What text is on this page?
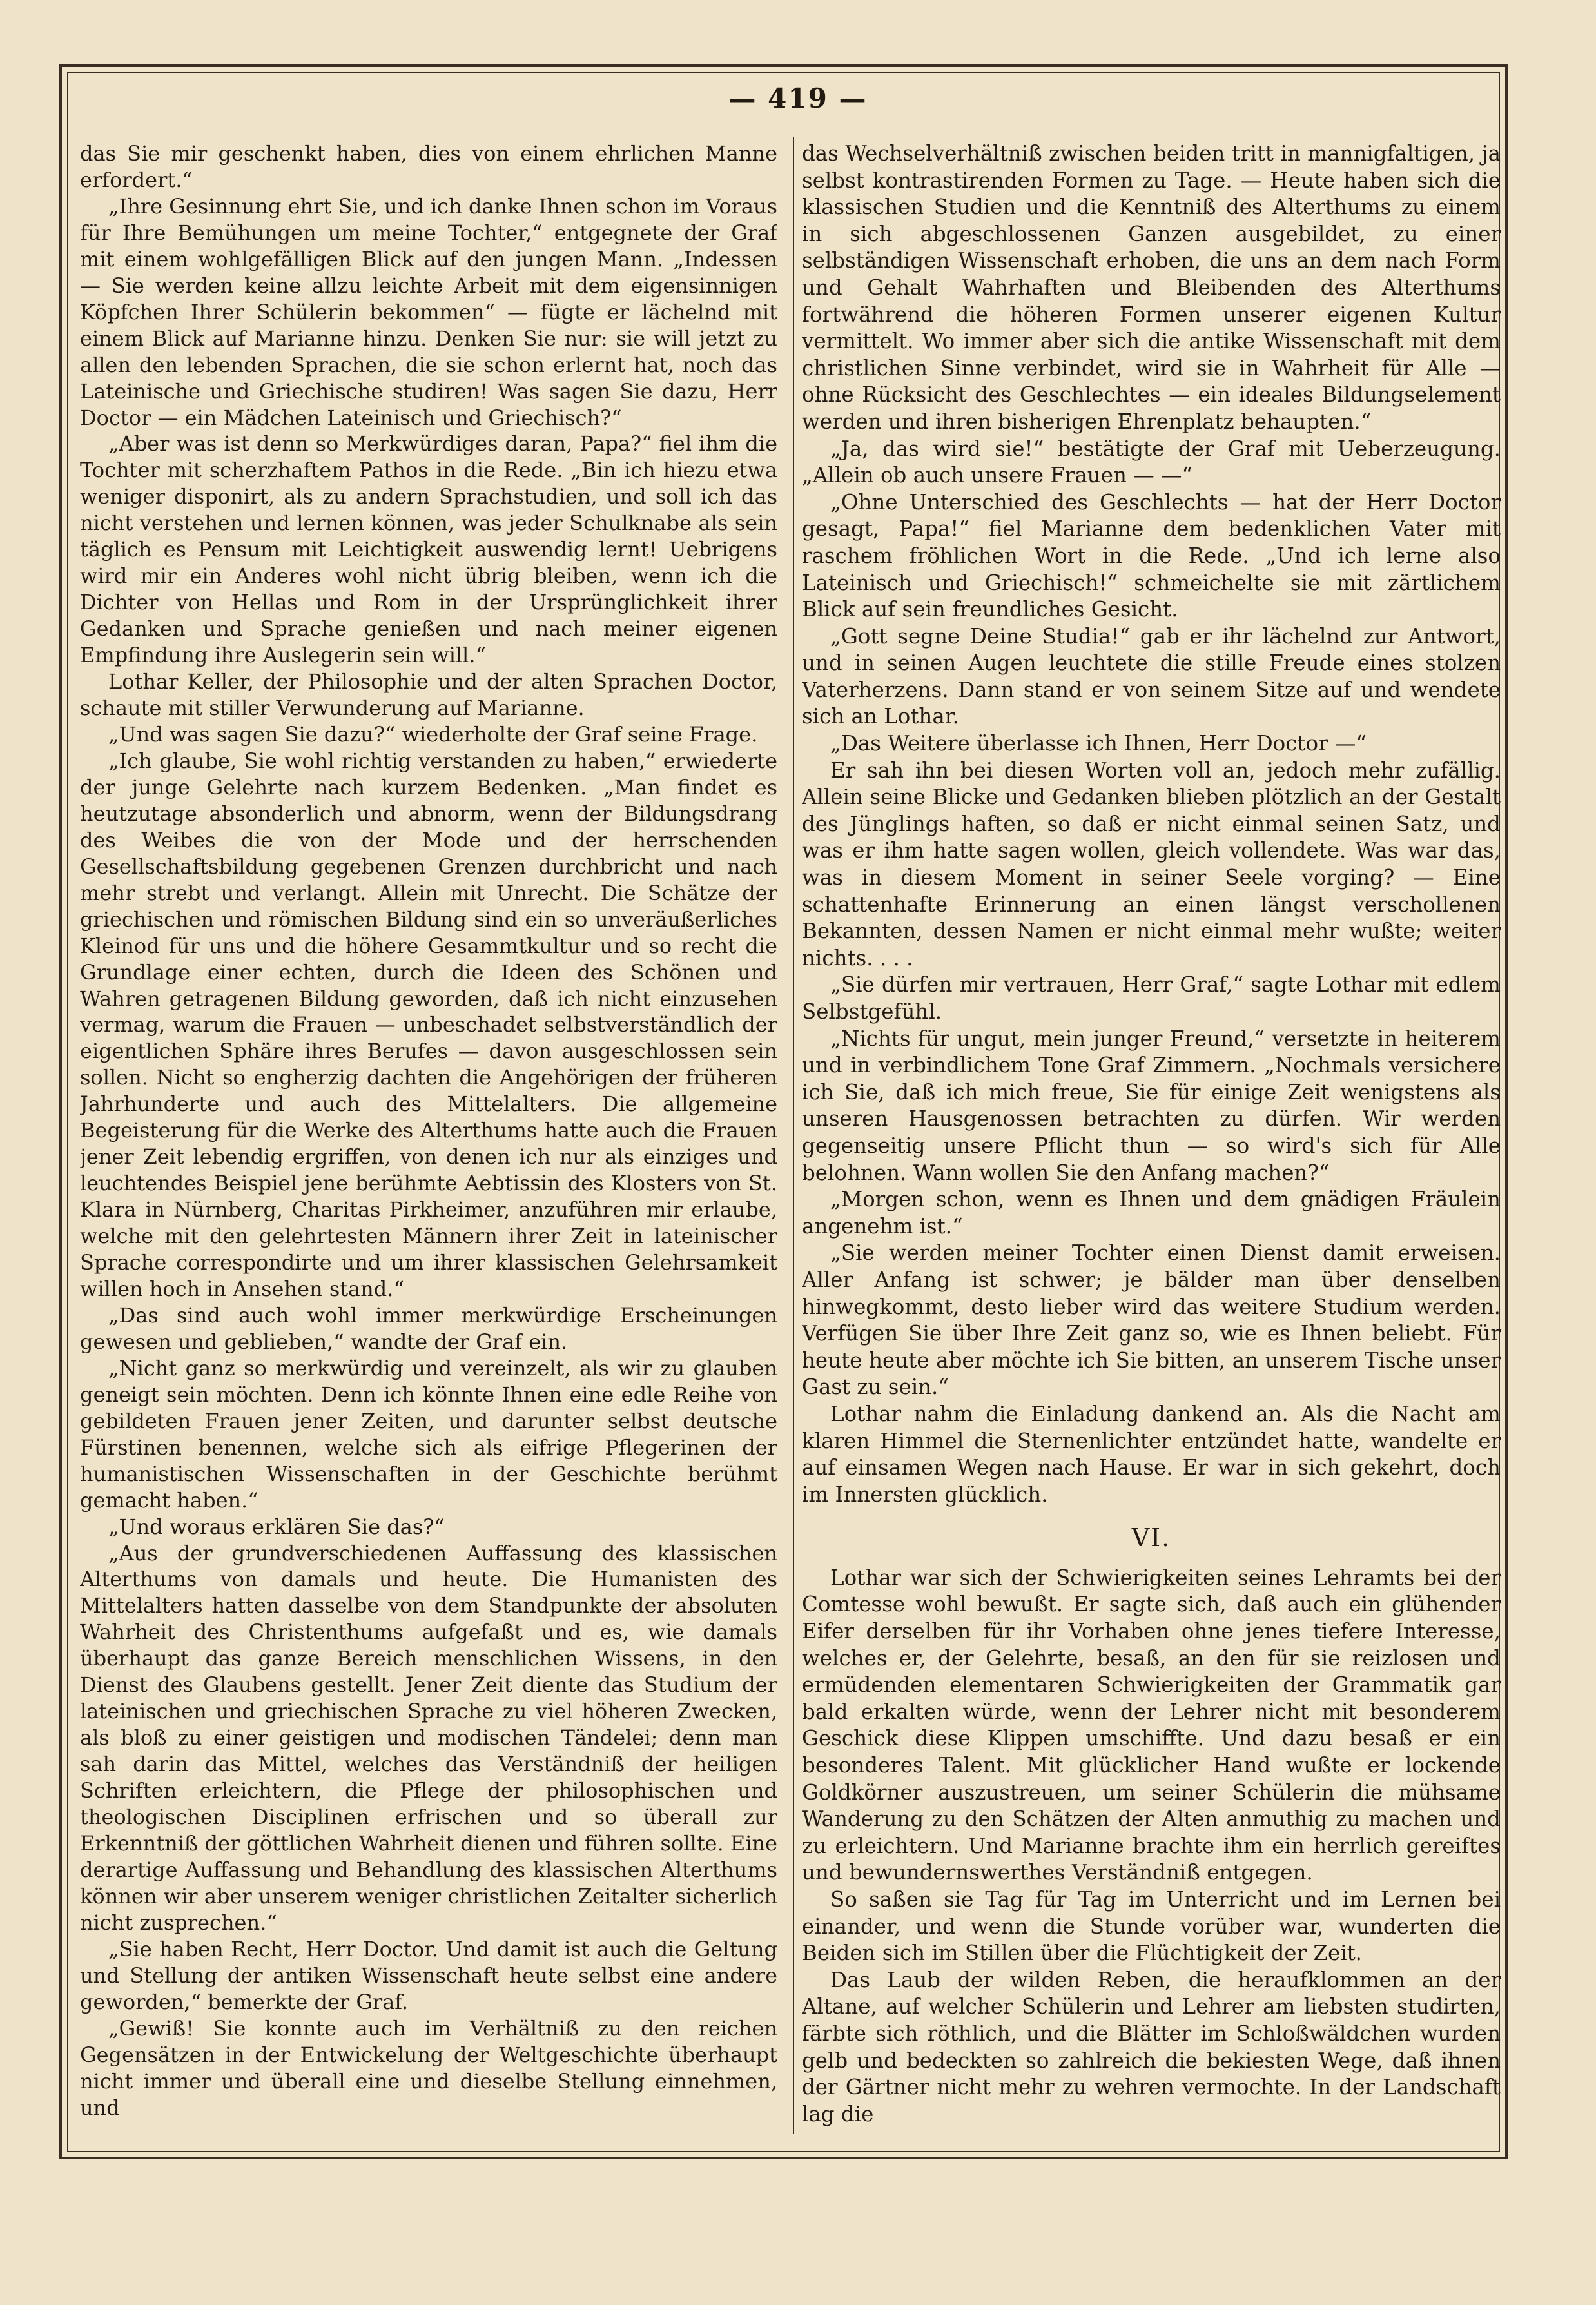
— 419 —

das Sie mir geschenkt haben, dies von einem ehrlichen Manne erfordert.“

„Ihre Gesinnung ehrt Sie, und ich danke Ihnen schon im Voraus für Ihre Bemühungen um meine Tochter,“ entgegnete der Graf mit einem wohlgefälligen Blick auf den jungen Mann. „Indessen — Sie werden keine allzu leichte Arbeit mit dem eigensinnigen Köpfchen Ihrer Schülerin bekommen“ — fügte er lächelnd mit einem Blick auf Marianne hinzu. Denken Sie nur: sie will jetzt zu allen den lebenden Sprachen, die sie schon erlernt hat, noch das Lateinische und Griechische studiren! Was sagen Sie dazu, Herr Doctor — ein Mädchen Lateinisch und Griechisch?“

„Aber was ist denn so Merkwürdiges daran, Papa?“ fiel ihm die Tochter mit scherzhaftem Pathos in die Rede. „Bin ich hiezu etwa weniger disponirt, als zu andern Sprachstudien, und soll ich das nicht verstehen und lernen können, was jeder Schulknabe als sein täglich es Pensum mit Leichtigkeit auswendig lernt! Uebrigens wird mir ein Anderes wohl nicht übrig bleiben, wenn ich die Dichter von Hellas und Rom in der Ursprünglichkeit ihrer Gedanken und Sprache genießen und nach meiner eigenen Empfindung ihre Auslegerin sein will.“

Lothar Keller, der Philosophie und der alten Sprachen Doctor, schaute mit stiller Verwunderung auf Marianne.

„Und was sagen Sie dazu?“ wiederholte der Graf seine Frage.

„Ich glaube, Sie wohl richtig verstanden zu haben,“ erwiederte der junge Gelehrte nach kurzem Bedenken. „Man findet es heutzutage absonderlich und abnorm, wenn der Bildungsdrang des Weibes die von der Mode und der herrschenden Gesellschaftsbildung gegebenen Grenzen durchbricht und nach mehr strebt und verlangt. Allein mit Unrecht. Die Schätze der griechischen und römischen Bildung sind ein so unveräußerliches Kleinod für uns und die höhere Gesammtkultur und so recht die Grundlage einer echten, durch die Ideen des Schönen und Wahren getragenen Bildung geworden, daß ich nicht einzusehen vermag, warum die Frauen — unbeschadet selbstverständlich der eigentlichen Sphäre ihres Berufes — davon ausgeschlossen sein sollen. Nicht so engherzig dachten die Angehörigen der früheren Jahrhunderte und auch des Mittelalters. Die allgemeine Begeisterung für die Werke des Alterthums hatte auch die Frauen jener Zeit lebendig ergriffen, von denen ich nur als einziges und leuchtendes Beispiel jene berühmte Aebtissin des Klosters von St. Klara in Nürnberg, Charitas Pirkheimer, anzuführen mir erlaube, welche mit den gelehrtesten Männern ihrer Zeit in lateinischer Sprache correspondirte und um ihrer klassischen Gelehrsamkeit willen hoch in Ansehen stand.“

„Das sind auch wohl immer merkwürdige Erscheinungen gewesen und geblieben,“ wandte der Graf ein.

„Nicht ganz so merkwürdig und vereinzelt, als wir zu glauben geneigt sein möchten. Denn ich könnte Ihnen eine edle Reihe von gebildeten Frauen jener Zeiten, und darunter selbst deutsche Fürstinen benennen, welche sich als eifrige Pflegerinen der humanistischen Wissenschaften in der Geschichte berühmt gemacht haben.“

„Und woraus erklären Sie das?“

„Aus der grundverschiedenen Auffassung des klassischen Alterthums von damals und heute. Die Humanisten des Mittelalters hatten dasselbe von dem Standpunkte der absoluten Wahrheit des Christenthums aufgefaßt und es, wie damals überhaupt das ganze Bereich menschlichen Wissens, in den Dienst des Glaubens gestellt. Jener Zeit diente das Studium der lateinischen und griechischen Sprache zu viel höheren Zwecken, als bloß zu einer geistigen und modischen Tändelei; denn man sah darin das Mittel, welches das Verständniß der heiligen Schriften erleichtern, die Pflege der philosophischen und theologischen Disciplinen erfrischen und so überall zur Erkenntniß der göttlichen Wahrheit dienen und führen sollte. Eine derartige Auffassung und Behandlung des klassischen Alterthums können wir aber unserem weniger christlichen Zeitalter sicherlich nicht zusprechen.“

„Sie haben Recht, Herr Doctor. Und damit ist auch die Geltung und Stellung der antiken Wissenschaft heute selbst eine andere geworden,“ bemerkte der Graf.

„Gewiß! Sie konnte auch im Verhältniß zu den reichen Gegensätzen in der Entwickelung der Weltgeschichte überhaupt nicht immer und überall eine und dieselbe Stellung einnehmen, und

das Wechselverhältniß zwischen beiden tritt in mannigfaltigen, ja selbst kontrastirenden Formen zu Tage. — Heute haben sich die klassischen Studien und die Kenntniß des Alterthums zu einem in sich abgeschlossenen Ganzen ausgebildet, zu einer selbständigen Wissenschaft erhoben, die uns an dem nach Form und Gehalt Wahrhaften und Bleibenden des Alterthums fortwährend die höheren Formen unserer eigenen Kultur vermittelt. Wo immer aber sich die antike Wissenschaft mit dem christlichen Sinne verbindet, wird sie in Wahrheit für Alle — ohne Rücksicht des Geschlechtes — ein ideales Bildungselement werden und ihren bisherigen Ehrenplatz behaupten.“

„Ja, das wird sie!“ bestätigte der Graf mit Ueberzeugung. „Allein ob auch unsere Frauen — —“

„Ohne Unterschied des Geschlechts — hat der Herr Doctor gesagt, Papa!“ fiel Marianne dem bedenklichen Vater mit raschem fröhlichen Wort in die Rede. „Und ich lerne also Lateinisch und Griechisch!“ schmeichelte sie mit zärtlichem Blick auf sein freundliches Gesicht.

„Gott segne Deine Studia!“ gab er ihr lächelnd zur Antwort, und in seinen Augen leuchtete die stille Freude eines stolzen Vaterherzens. Dann stand er von seinem Sitze auf und wendete sich an Lothar.

„Das Weitere überlasse ich Ihnen, Herr Doctor —“

Er sah ihn bei diesen Worten voll an, jedoch mehr zufällig. Allein seine Blicke und Gedanken blieben plötzlich an der Gestalt des Jünglings haften, so daß er nicht einmal seinen Satz, und was er ihm hatte sagen wollen, gleich vollendete. Was war das, was in diesem Moment in seiner Seele vorging? — Eine schattenhafte Erinnerung an einen längst verschollenen Bekannten, dessen Namen er nicht einmal mehr wußte; weiter nichts. . . .

„Sie dürfen mir vertrauen, Herr Graf,“ sagte Lothar mit edlem Selbstgefühl.

„Nichts für ungut, mein junger Freund,“ versetzte in heiterem und in verbindlichem Tone Graf Zimmern. „Nochmals versichere ich Sie, daß ich mich freue, Sie für einige Zeit wenigstens als unseren Hausgenossen betrachten zu dürfen. Wir werden gegenseitig unsere Pflicht thun — so wird's sich für Alle belohnen. Wann wollen Sie den Anfang machen?“

„Morgen schon, wenn es Ihnen und dem gnädigen Fräulein angenehm ist.“

„Sie werden meiner Tochter einen Dienst damit erweisen. Aller Anfang ist schwer; je bälder man über denselben hinwegkommt, desto lieber wird das weitere Studium werden. Verfügen Sie über Ihre Zeit ganz so, wie es Ihnen beliebt. Für heute heute aber möchte ich Sie bitten, an unserem Tische unser Gast zu sein.“

Lothar nahm die Einladung dankend an. Als die Nacht am klaren Himmel die Sternenlichter entzündet hatte, wandelte er auf einsamen Wegen nach Hause. Er war in sich gekehrt, doch im Innersten glücklich.

VI.

Lothar war sich der Schwierigkeiten seines Lehramts bei der Comtesse wohl bewußt. Er sagte sich, daß auch ein glühender Eifer derselben für ihr Vorhaben ohne jenes tiefere Interesse, welches er, der Gelehrte, besaß, an den für sie reizlosen und ermüdenden elementaren Schwierigkeiten der Grammatik gar bald erkalten würde, wenn der Lehrer nicht mit besonderem Geschick diese Klippen umschiffte. Und dazu besaß er ein besonderes Talent. Mit glücklicher Hand wußte er lockende Goldkörner auszustreuen, um seiner Schülerin die mühsame Wanderung zu den Schätzen der Alten anmuthig zu machen und zu erleichtern. Und Marianne brachte ihm ein herrlich gereiftes und bewundernswerthes Verständniß entgegen.

So saßen sie Tag für Tag im Unterricht und im Lernen bei einander, und wenn die Stunde vorüber war, wunderten die Beiden sich im Stillen über die Flüchtigkeit der Zeit.

Das Laub der wilden Reben, die heraufklommen an der Altane, auf welcher Schülerin und Lehrer am liebsten studirten, färbte sich röthlich, und die Blätter im Schloßwäldchen wurden gelb und bedeckten so zahlreich die bekiesten Wege, daß ihnen der Gärtner nicht mehr zu wehren vermochte. In der Landschaft lag die
